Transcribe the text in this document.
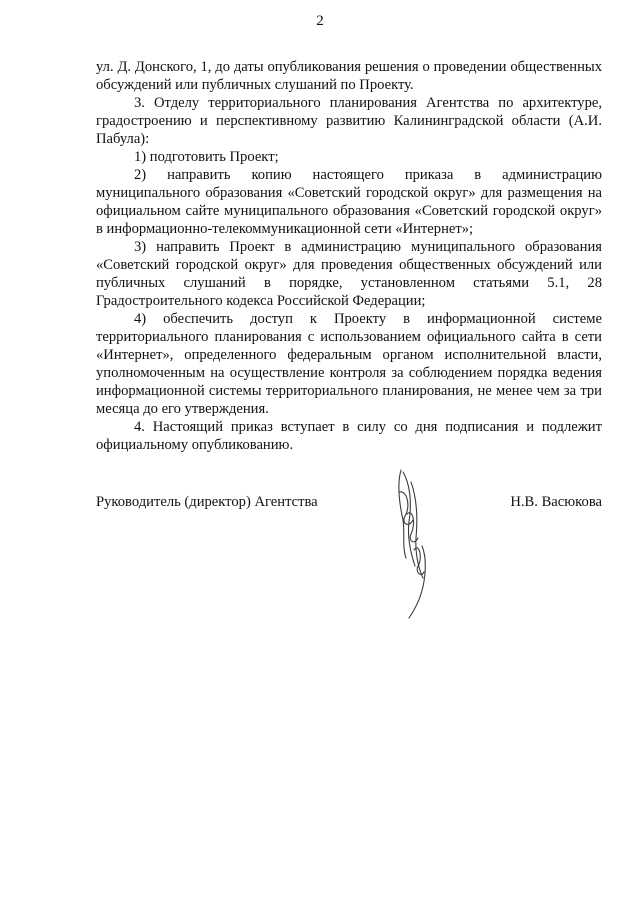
2

ул. Д. Донского, 1, до даты опубликования решения о проведении общественных обсуждений или публичных слушаний по Проекту.

3. Отделу территориального планирования Агентства по архитектуре, градостроению и перспективному развитию Калининградской области (А.И. Пабула):

1) подготовить Проект;

2) направить копию настоящего приказа в администрацию муниципального образования «Советский городской округ» для размещения на официальном сайте муниципального образования «Советский городской округ» в информационно-телекоммуникационной сети «Интернет»;

3) направить Проект в администрацию муниципального образования «Советский городской округ» для проведения общественных обсуждений или публичных слушаний в порядке, установленном статьями 5.1, 28 Градостроительного кодекса Российской Федерации;

4) обеспечить доступ к Проекту в информационной системе территориального планирования с использованием официального сайта в сети «Интернет», определенного федеральным органом исполнительной власти, уполномоченным на осуществление контроля за соблюдением порядка ведения информационной системы территориального планирования, не менее чем за три месяца до его утверждения.

4. Настоящий приказ вступает в силу со дня подписания и подлежит официальному опубликованию.

Руководитель (директор) Агентства	Н.В. Васюкова
